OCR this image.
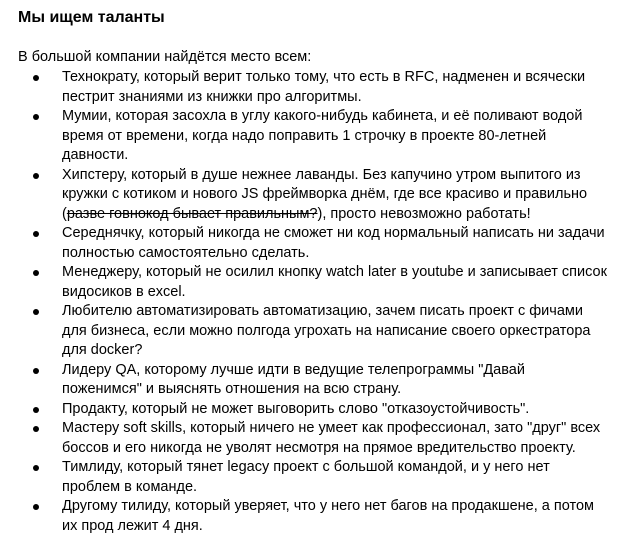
Мы ищем таланты

В большой компании найдётся место всем:

Технократу, который верит только тому, что есть в RFC, надменен и всячески пестрит знаниями из книжки про алгоритмы.
Мумии, которая засохла в углу какого-нибудь кабинета, и её поливают водой время от времени, когда надо поправить 1 строчку в проекте 80-летней давности.
Хипстеру, который в душе нежнее лаванды. Без капучино утром выпитого из кружки с котиком и нового JS фреймворка днём, где все красиво и правильно (разве говнокод бывает правильным?), просто невозможно работать!
Середнячку, который никогда не сможет ни код нормальный написать ни задачи полностью самостоятельно сделать.
Менеджеру, который не осилил кнопку watch later в youtube и записывает список видосиков в excel.
Любителю автоматизировать автоматизацию, зачем писать проект с фичами для бизнеса, если можно полгода угрохать на написание своего оркестратора для docker?
Лидеру QA, которому лучше идти в ведущие телепрограммы "Давай поженимся" и выяснять отношения на всю страну.
Продакту, который не может выговорить слово "отказоустойчивость".
Мастеру soft skills, который ничего не умеет как профессионал, зато "друг" всех боссов и его никогда не уволят несмотря на прямое вредительство проекту.
Тимлиду, который тянет legacy проект с большой командой, и у него нет проблем в команде.
Другому тилиду, который уверяет, что у него нет багов на продакшене, а потом их прод лежит 4 дня.
